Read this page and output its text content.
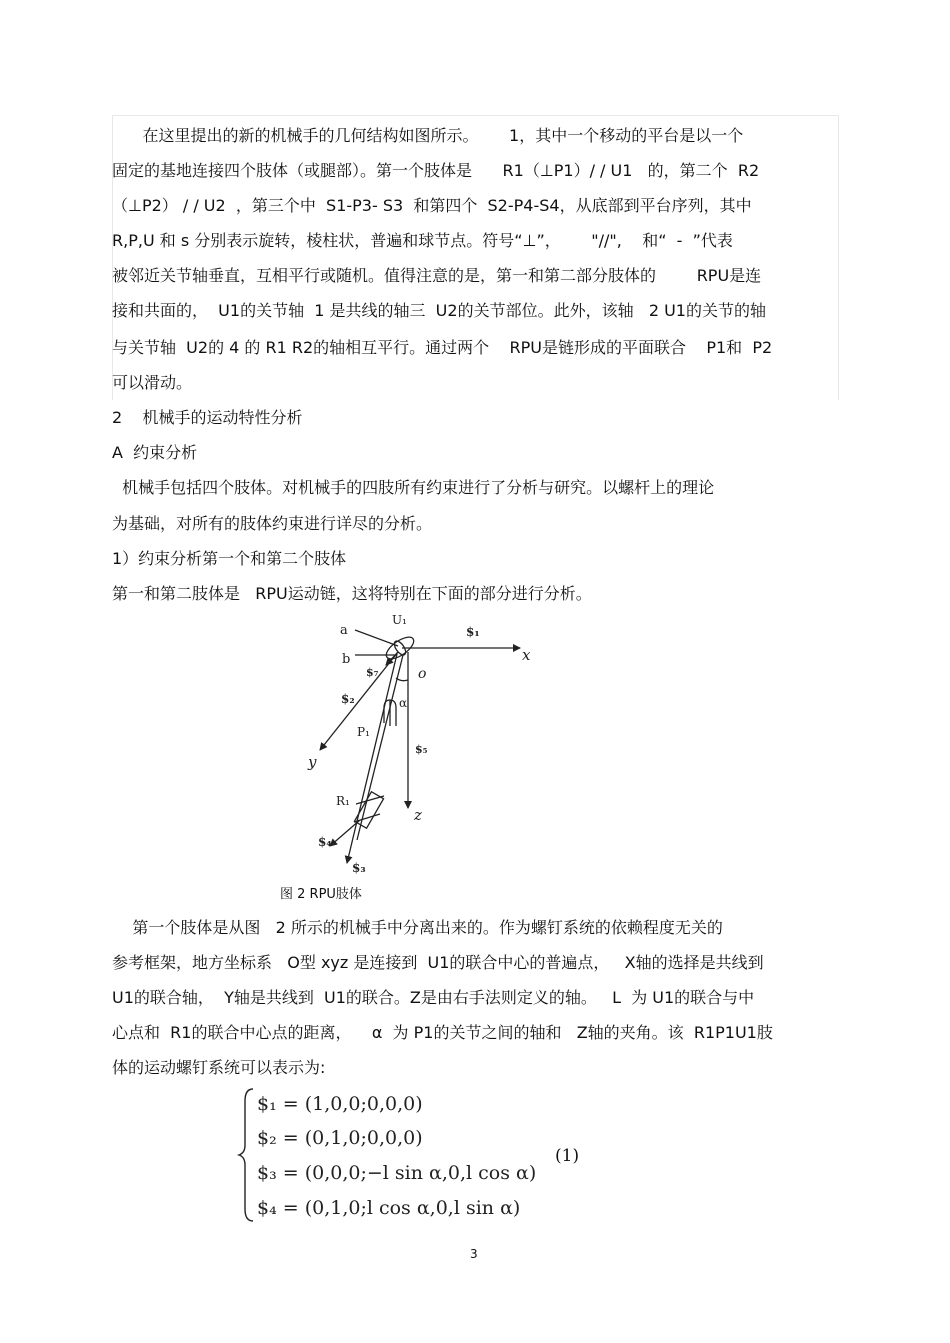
在这里提出的新的机械手的几何结构如图所示。      1，其中一个移动的平台是以一个
固定的基地连接四个肢体（或腿部）。第一个肢体是      R1（⊥P1）/ / U1   的，第二个  R2
（⊥P2） / / U2  ，第三个中  S1-P3- S3  和第四个  S2-P4-S4，从底部到平台序列，其中
R,P,U 和 s 分别表示旋转，棱柱状，普遍和球节点。符号“⊥”，      "//",    和“  -  ”代表
被邻近关节轴垂直，互相平行或随机。值得注意的是，第一和第二部分肢体的        RPU是连
接和共面的，  U1的关节轴  1 是共线的轴三  U2的关节部位。此外，该轴   2 U1的关节的轴
与关节轴  U2的 4 的 R1 R2的轴相互平行。通过两个    RPU是链形成的平面联合    P1和  P2
可以滑动。
2    机械手的运动特性分析
A  约束分析
机械手包括四个肢体。对机械手的四肢所有约束进行了分析与研究。以螺杆上的理论
为基础，对所有的肢体约束进行详尽的分析。
1）约束分析第一个和第二个肢体
第一和第二肢体是   RPU运动链，这将特别在下面的部分进行分析。
a
b
U₁
$₁
x
$₇	o
$₂	α
P₁
y
$₅
R₁
z
$₄
$₃
图 2 RPU肢体
第一个肢体是从图   2 所示的机械手中分离出来的。作为螺钉系统的依赖程度无关的
参考框架，地方坐标系   O型 xyz 是连接到  U1的联合中心的普遍点，   X轴的选择是共线到
U1的联合轴，  Y轴是共线到  U1的联合。Z是由右手法则定义的轴。   L  为 U1的联合与中
心点和  R1的联合中心点的距离，    α  为 P1的关节之间的轴和   Z轴的夹角。该  R1P1U1肢
体的运动螺钉系统可以表示为:
$₁ = (1,0,0;0,0,0)
$₂ = (0,1,0;0,0,0)
$₃ = (0,0,0;−l sin α,0,l cos α)
$₄ = (0,1,0;l cos α,0,l sin α)
(1)
3
